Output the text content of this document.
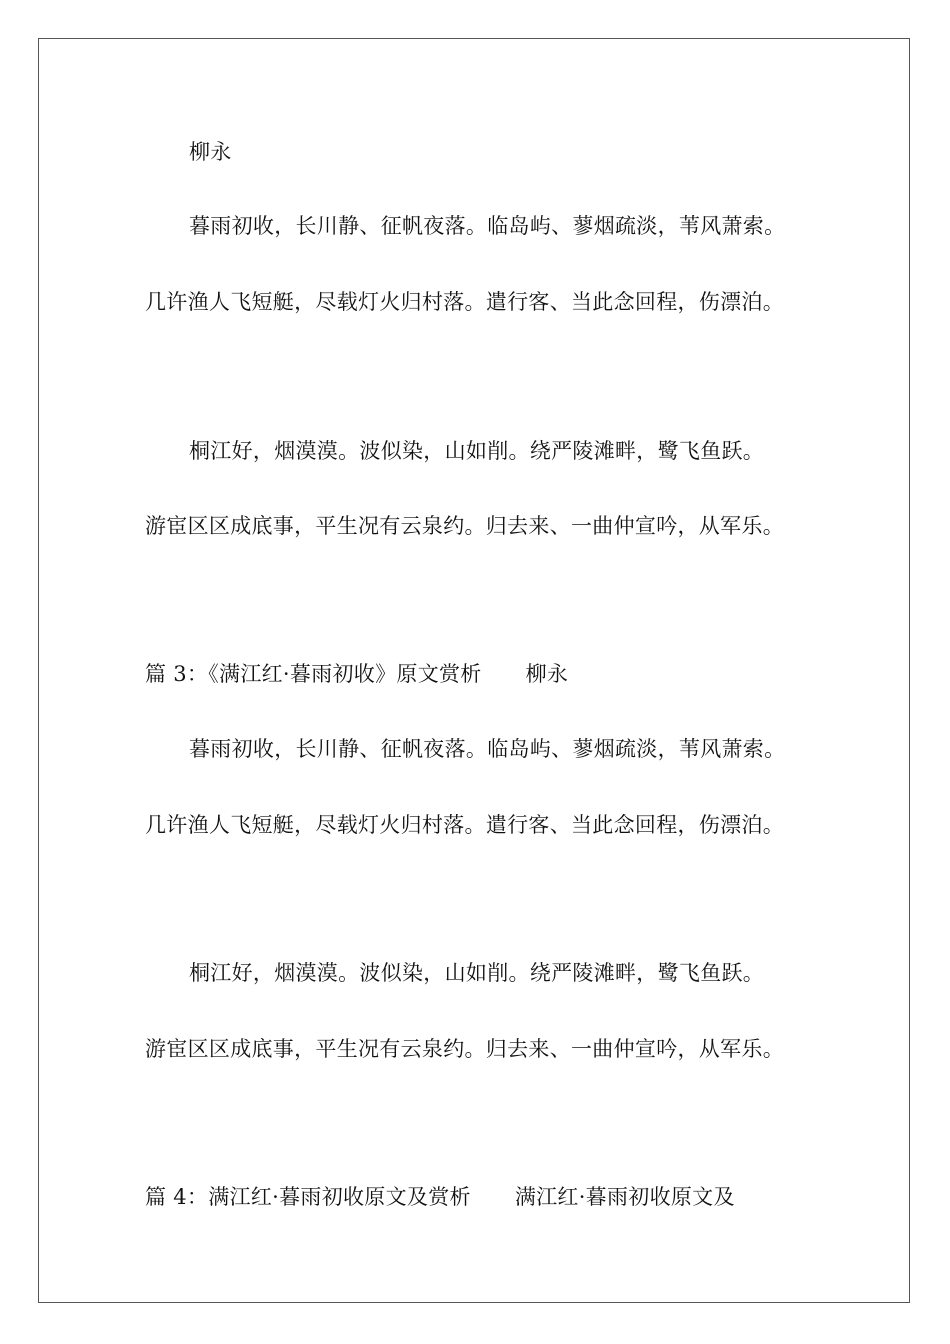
柳永
暮雨初收，长川静、征帆夜落。临岛屿、蓼烟疏淡，苇风萧索。
几许渔人飞短艇，尽载灯火归村落。遣行客、当此念回程，伤漂泊。
桐江好，烟漠漠。波似染，山如削。绕严陵滩畔，鹭飞鱼跃。
游宦区区成底事，平生况有云泉约。归去来、一曲仲宣吟，从军乐。
篇 3：《满江红·暮雨初收》原文赏析 柳永
暮雨初收，长川静、征帆夜落。临岛屿、蓼烟疏淡，苇风萧索。
几许渔人飞短艇，尽载灯火归村落。遣行客、当此念回程，伤漂泊。
桐江好，烟漠漠。波似染，山如削。绕严陵滩畔，鹭飞鱼跃。
游宦区区成底事，平生况有云泉约。归去来、一曲仲宣吟，从军乐。
篇 4：满江红·暮雨初收原文及赏析 满江红·暮雨初收原文及
